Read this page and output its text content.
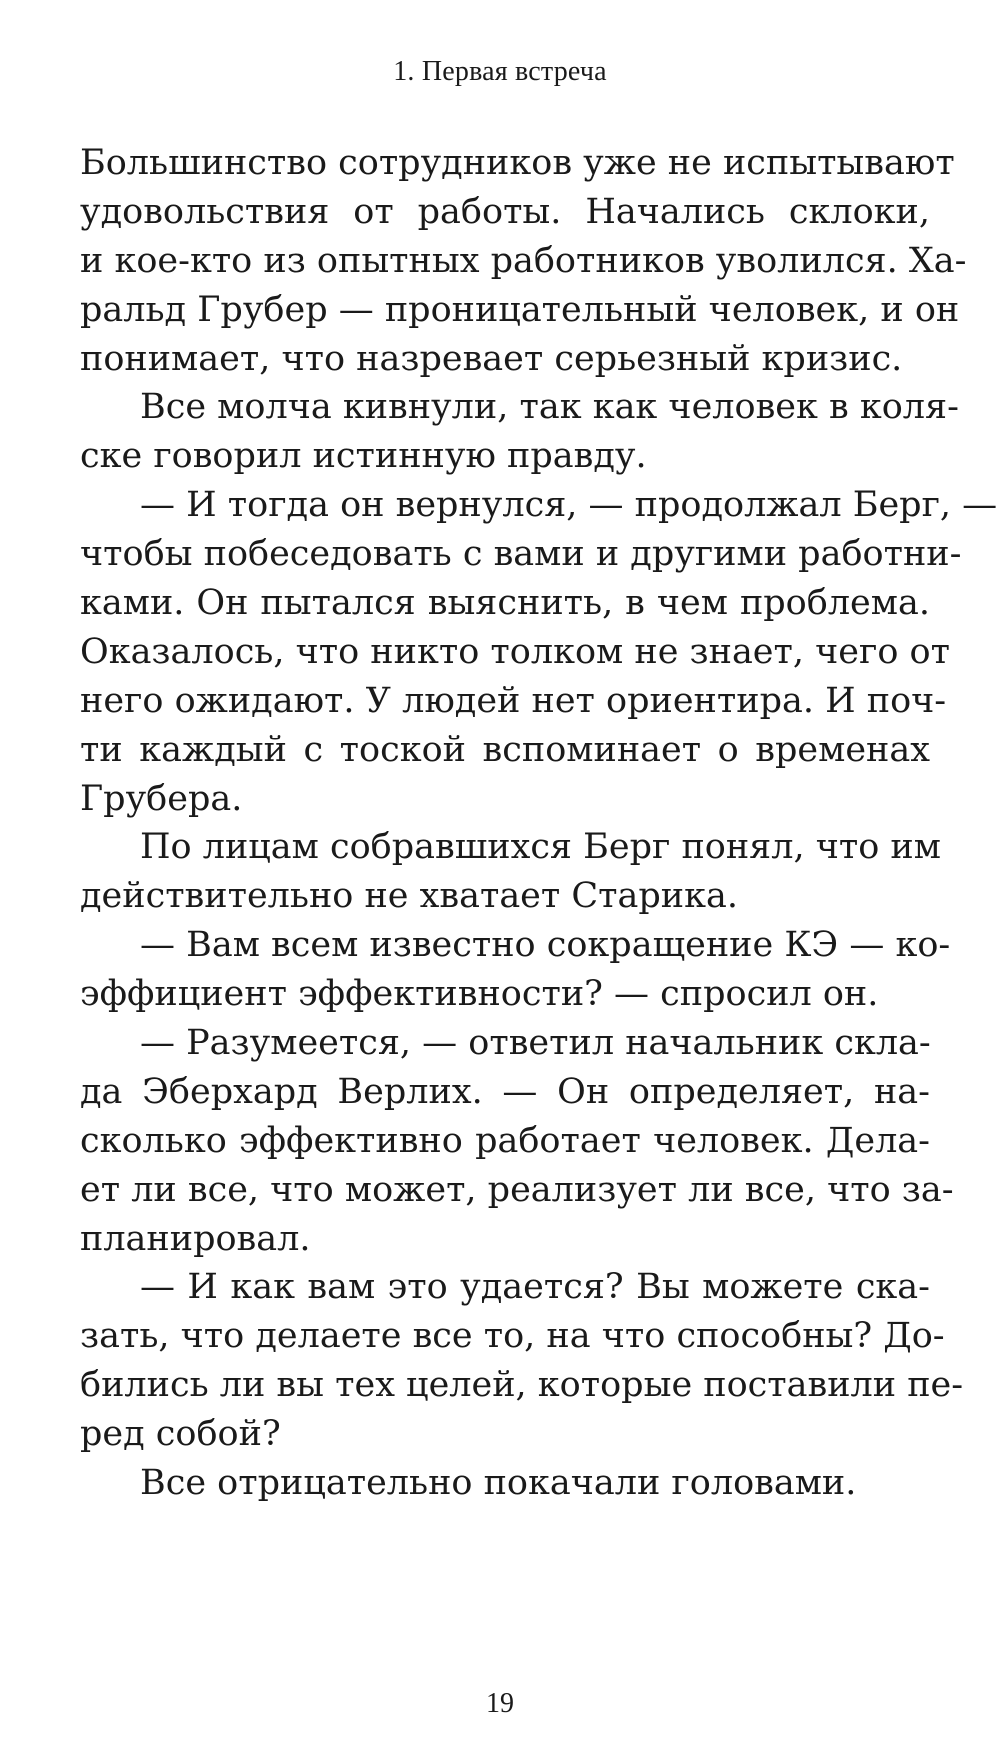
1. Первая встреча
Большинство сотрудников уже не испытывают
удовольствия от работы. Начались склоки,
и кое-кто из опытных работников уволился. Ха-
ральд Грубер — проницательный человек, и он
понимает, что назревает серьезный кризис.
Все молча кивнули, так как человек в коля-
ске говорил истинную правду.
— И тогда он вернулся, — продолжал Берг, —
чтобы побеседовать с вами и другими работни-
ками. Он пытался выяснить, в чем проблема.
Оказалось, что никто толком не знает, чего от
него ожидают. У людей нет ориентира. И поч-
ти каждый с тоской вспоминает о временах
Грубера.
По лицам собравшихся Берг понял, что им
действительно не хватает Старика.
— Вам всем известно сокращение КЭ — ко-
эффициент эффективности? — спросил он.
— Разумеется, — ответил начальник скла-
да Эберхард Верлих. — Он определяет, на-
сколько эффективно работает человек. Дела-
ет ли все, что может, реализует ли все, что за-
планировал.
— И как вам это удается? Вы можете ска-
зать, что делаете все то, на что способны? До-
бились ли вы тех целей, которые поставили пе-
ред собой?
Все отрицательно покачали головами.
19
